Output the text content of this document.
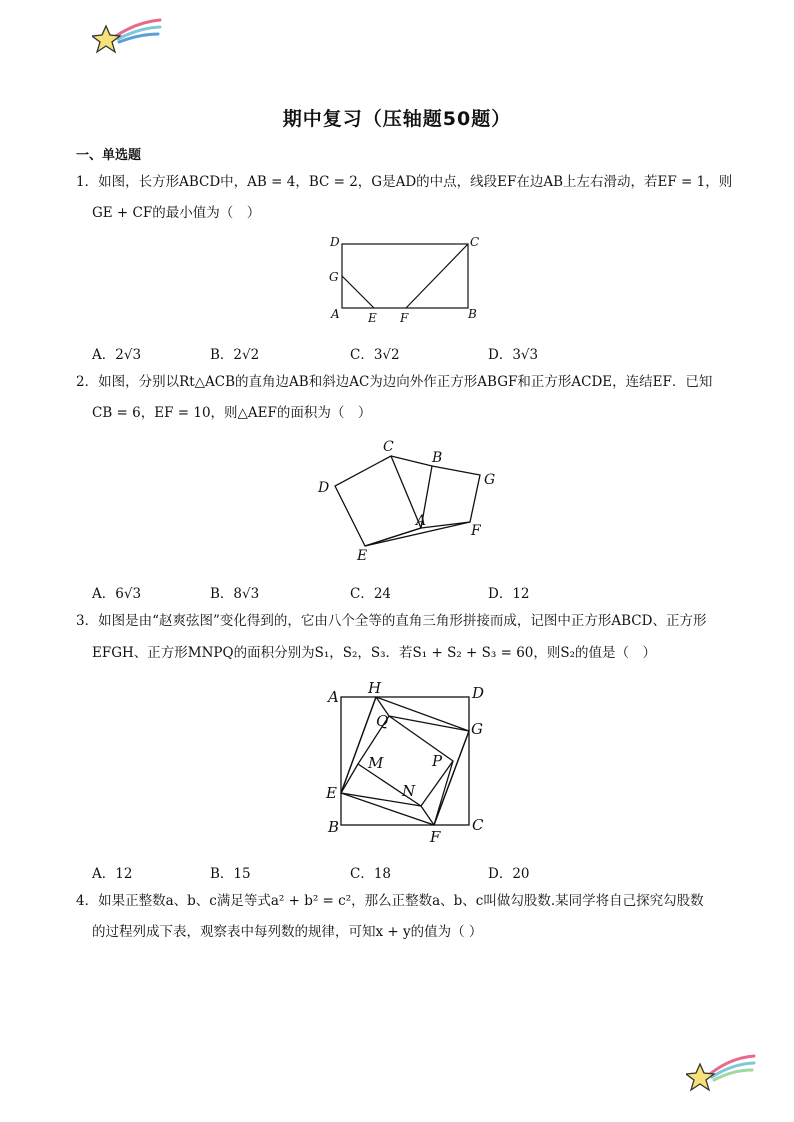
期中复习（压轴题50题）
一、单选题
1．如图，长方形ABCD中，AB = 4，BC = 2，G是AD的中点，线段EF在边AB上左右滑动，若EF = 1，则
GE + CF的最小值为（　）
D	C
G
A E F	B
A．2√3	B．2√2	C．3√2	D．3√3
2．如图，分别以Rt△ACB的直角边AB和斜边AC为边向外作正方形ABGF和正方形ACDE，连结EF．已知
CB = 6，EF = 10，则△AEF的面积为（　）
C
B
G
D
A
F
E
A．6√3	B．8√3	C．24	D．12
3．如图是由“赵爽弦图”变化得到的，它由八个全等的直角三角形拼接而成，记图中正方形ABCD、正方形
EFGH、正方形MNPQ的面积分别为S₁，S₂，S₃．若S₁ + S₂ + S₃ = 60，则S₂的值是（　）
A H	D
Q	G
M	P
E	N
B
F
C
A．12	B．15	C．18	D．20
4．如果正整数a、b、c满足等式a² + b² = c²，那么正整数a、b、c叫做勾股数.某同学将自己探究勾股数
的过程列成下表，观察表中每列数的规律，可知x + y的值为（ ）
